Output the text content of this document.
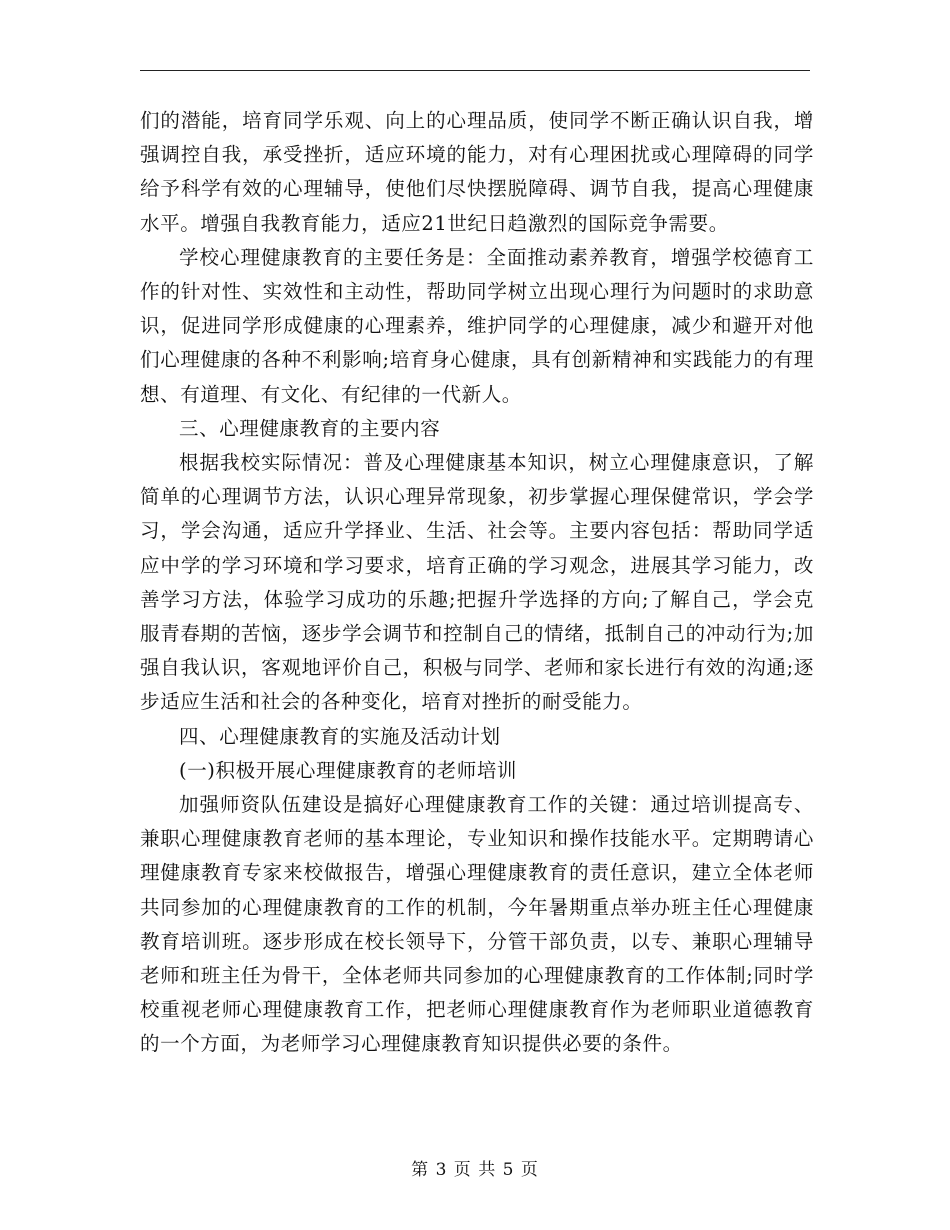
们的潜能，培育同学乐观、向上的心理品质，使同学不断正确认识自我，增强调控自我，承受挫折，适应环境的能力，对有心理困扰或心理障碍的同学给予科学有效的心理辅导，使他们尽快摆脱障碍、调节自我，提高心理健康水平。增强自我教育能力，适应21世纪日趋激烈的国际竞争需要。

学校心理健康教育的主要任务是：全面推动素养教育，增强学校德育工作的针对性、实效性和主动性，帮助同学树立出现心理行为问题时的求助意识，促进同学形成健康的心理素养，维护同学的心理健康，减少和避开对他们心理健康的各种不利影响;培育身心健康，具有创新精神和实践能力的有理想、有道理、有文化、有纪律的一代新人。

三、心理健康教育的主要内容

根据我校实际情况：普及心理健康基本知识，树立心理健康意识，了解简单的心理调节方法，认识心理异常现象，初步掌握心理保健常识，学会学习，学会沟通，适应升学择业、生活、社会等。主要内容包括：帮助同学适应中学的学习环境和学习要求，培育正确的学习观念，进展其学习能力，改善学习方法，体验学习成功的乐趣;把握升学选择的方向;了解自己，学会克服青春期的苦恼，逐步学会调节和控制自己的情绪，抵制自己的冲动行为;加强自我认识，客观地评价自己，积极与同学、老师和家长进行有效的沟通;逐步适应生活和社会的各种变化，培育对挫折的耐受能力。

四、心理健康教育的实施及活动计划

(一)积极开展心理健康教育的老师培训

加强师资队伍建设是搞好心理健康教育工作的关键：通过培训提高专、兼职心理健康教育老师的基本理论，专业知识和操作技能水平。定期聘请心理健康教育专家来校做报告，增强心理健康教育的责任意识，建立全体老师共同参加的心理健康教育的工作的机制，今年暑期重点举办班主任心理健康教育培训班。逐步形成在校长领导下，分管干部负责，以专、兼职心理辅导老师和班主任为骨干，全体老师共同参加的心理健康教育的工作体制;同时学校重视老师心理健康教育工作，把老师心理健康教育作为老师职业道德教育的一个方面，为老师学习心理健康教育知识提供必要的条件。

第 3 页 共 5 页
